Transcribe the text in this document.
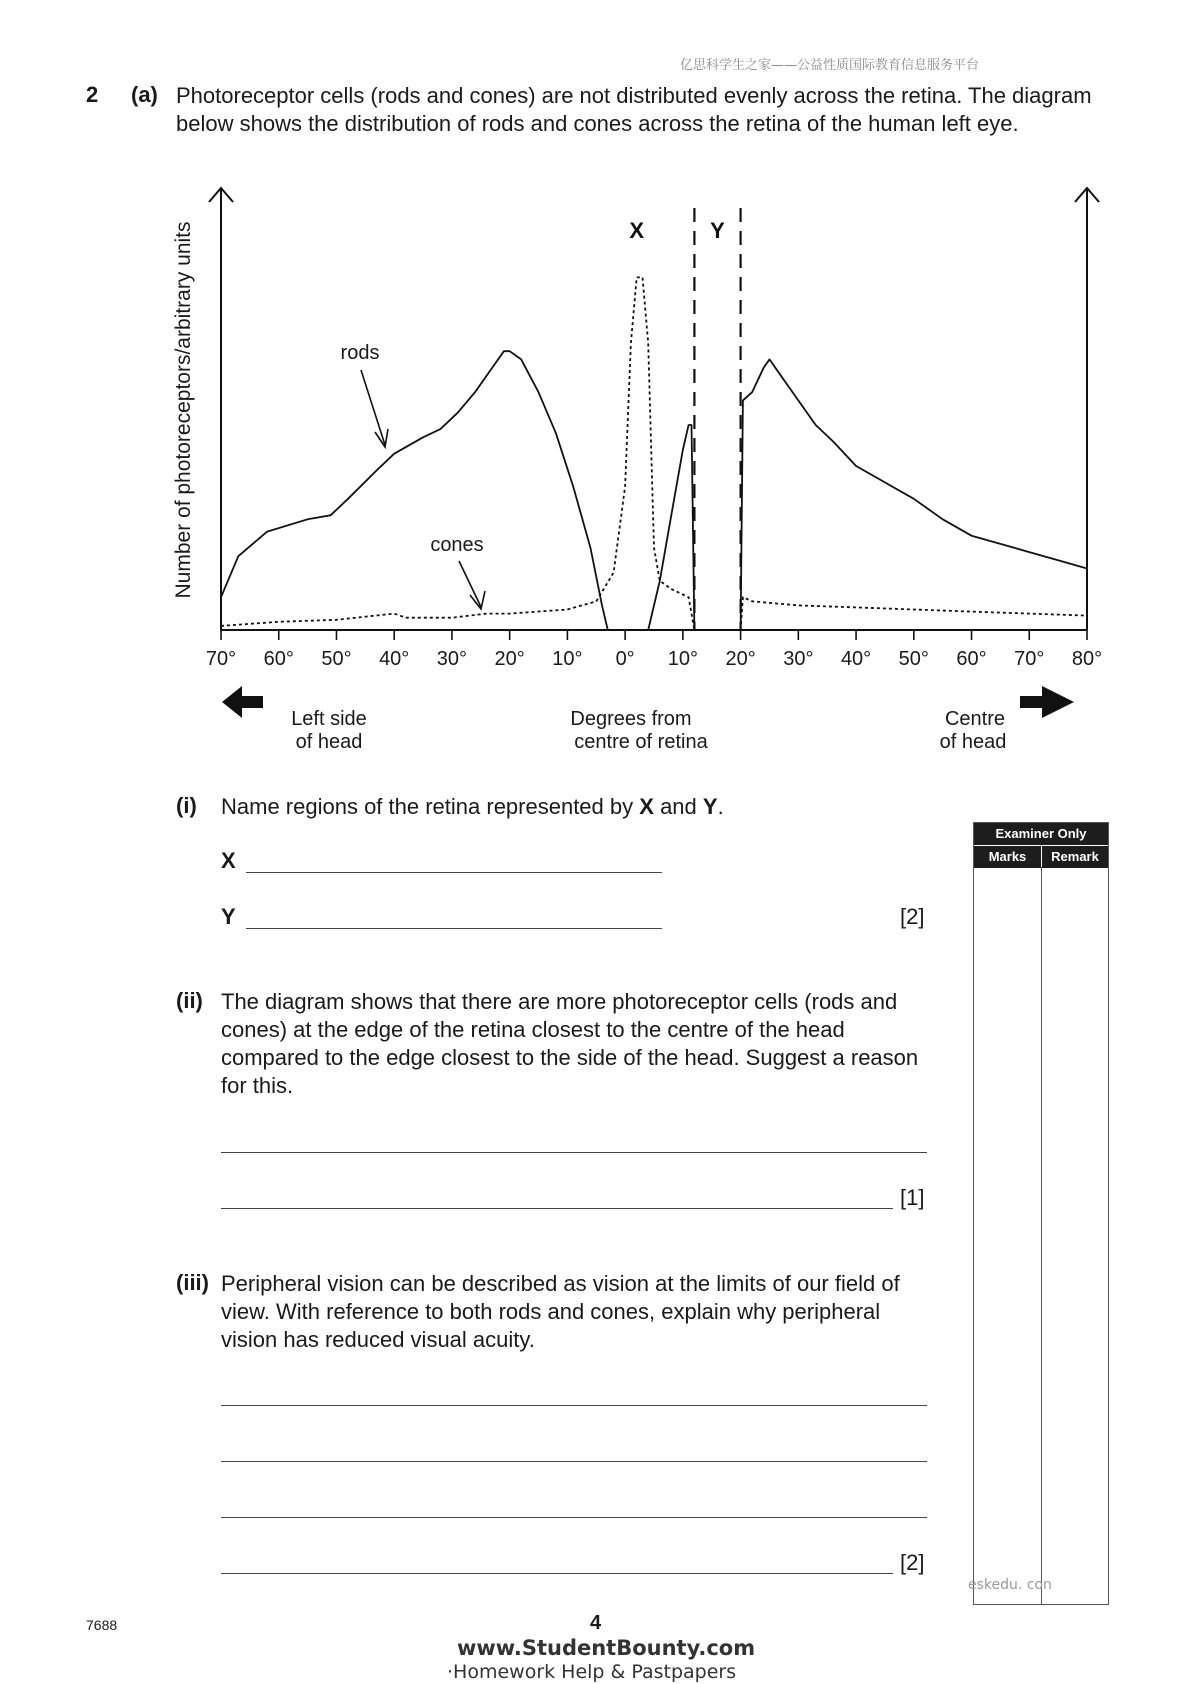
亿思科学生之家——公益性质国际教育信息服务平台
2 (a) Photoreceptor cells (rods and cones) are not distributed evenly across the retina. The diagram below shows the distribution of rods and cones across the retina of the human left eye.
70° 60° 50° 40° 30° 20° 10° 0° 10° 20° 30° 40° 50° 60° 70° 80°
Number of photoreceptors/arbitrary units	X	Y
rods
cones
Left side
of head
Degrees from
centre of retina
Centre
of head
(i) Name regions of the retina represented by X and Y.
X
Y	[2]
(ii) The diagram shows that there are more photoreceptor cells (rods and cones) at the edge of the retina closest to the centre of the head compared to the edge closest to the side of the head. Suggest a reason for this.
[1]
(iii) Peripheral vision can be described as vision at the limits of our field of view. With reference to both rods and cones, explain why peripheral vision has reduced visual acuity.
[2]
Examiner Only
Marks	Remark
eskedu. con
7688	4
www.StudentBounty.com
·Homework Help & Pastpapers
